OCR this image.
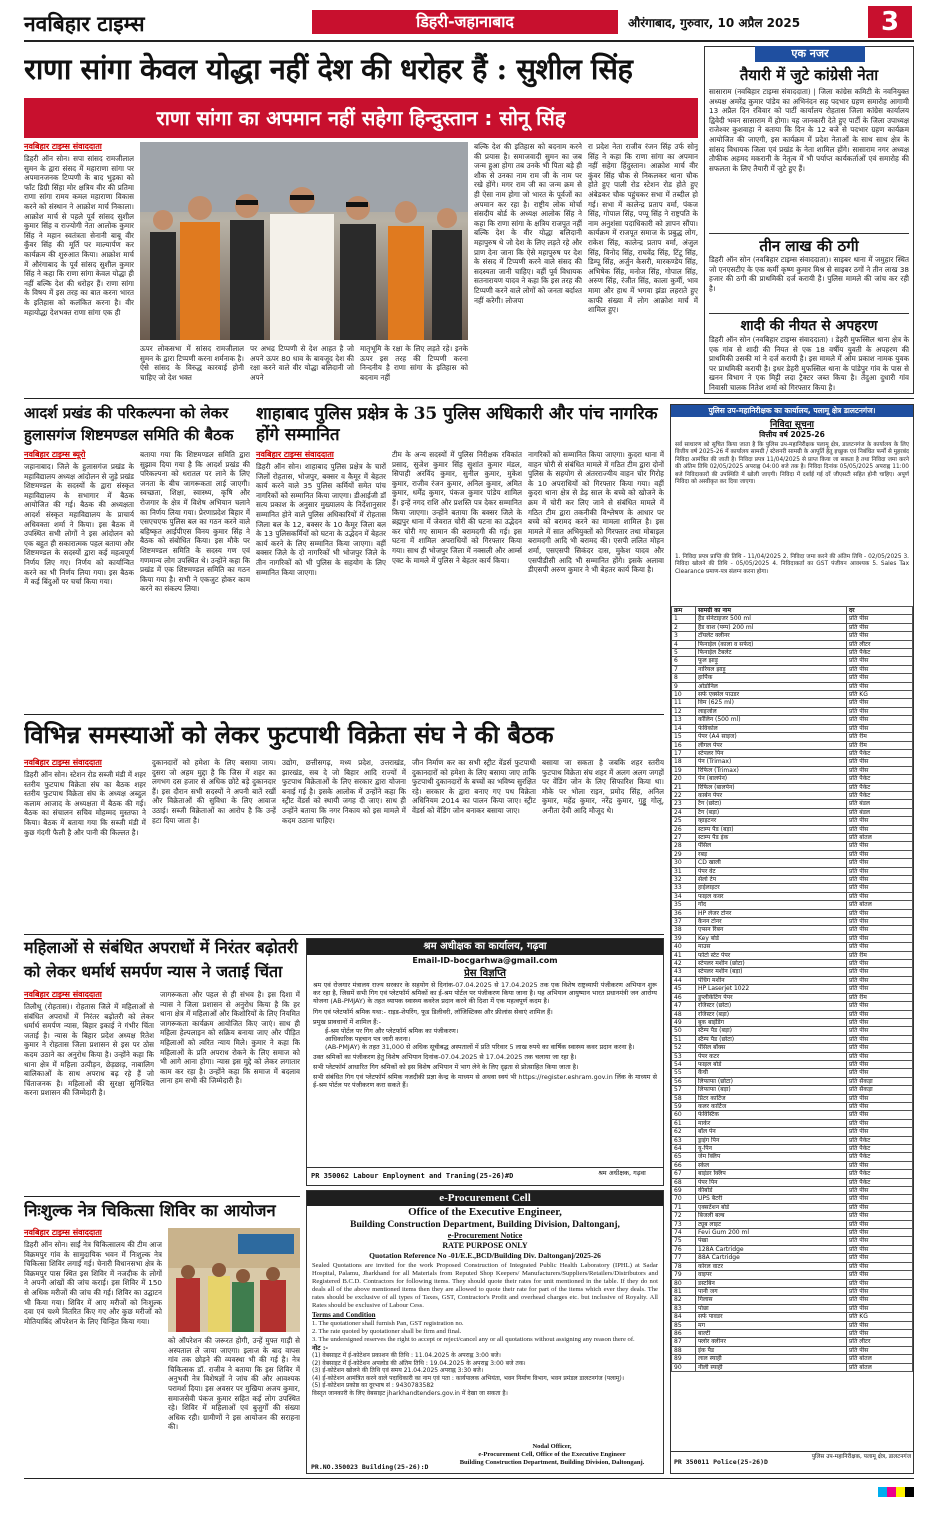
नवबिहार टाइम्स	डिहरी-जहानाबाद	औरंगाबाद, गुरुवार, 10 अप्रैल 2025	3
राणा सांगा केवल योद्धा नहीं देश की धरोहर हैं : सुशील सिंह
राणा सांगा का अपमान नहीं सहेगा हिन्दुस्तान : सोनू सिंह
नवबिहार टाइम्स संवाददाता
डिहरी ऑन सोन। सपा सांसद रामजीलाल सुमन के द्वारा संसद में महाराणा सांगा पर अपमानजनक टिप्पणी के बाद भुड़का को फाँट डिग्री सिंहा मोर क्षत्रिय वीर की प्रतिमा राणा सांगा रामय कमल महाराणा विकास करने को संस्थान ने आक्रोश मार्च निकाला। आक्रोश मार्च से पहले पूर्व सांसद सुशील कुमार सिंह व राज्योगी नेता आलोक कुमार सिंह ने महान स्वतंत्रता सेनानी बाबू वीर कुँवर सिंह की मूर्ति पर माल्यार्पण कर कार्यक्रम की शुरुआत किया। आक्रोश मार्च में औरंगाबाद के पूर्व सांसद सुशील कुमार सिंह ने कहा कि राणा सांगा केवल योद्धा ही नहीं बल्कि देश की धरोहर हैं। राणा सांगा के विषय में इस तरह का बात करना भारत के इतिहास को कलंकित करना है। वीर महायोद्धा देशभक्त राणा सांगा एक ही
ऊपर लोकसभा में सांसद रामजीलाल सुमन के द्वारा टिप्पणी करना शर्मनाक है। ऐसे सांसद के विरुद्ध कारवाई होनी चाहिए जो देश भक्त
पर अभद्र टिप्पणी से देश आहत है जो अपने ऊपर 80 धाव के बावजूद देश की रक्षा करने वाले वीर योद्धा बलिदानी जो अपने
मातृभूमि के रक्षा के लिए लड़ते रहे। इनके ऊपर इस तरह की टिप्पणी करना निन्दनीय है राणा सांगा के इतिहास को बदनाम नहीं
बल्कि देश की इतिहास को बदनाम करने की प्रयास है। समाजवादी सुमन का जब जन्म हुआ होगा तब उनके भी पिता बड़े ही शौक से उनका नाम राम जी के नाम पर रखे होंगे। मगर राम जी का जन्म क्रम से ही ऐसा नाम होगा जो भारत के पूर्वजों का अपमान कर रहा है। राष्ट्रीय लोक मोर्चा संसदीय बोर्ड के अध्यक्ष आलोक सिंह ने कहा कि राणा सांगा के क्षत्रिय राजपूत नहीं बल्कि देश के वीर योद्धा बलिदानी महापुरुष थे जो देश के लिए लड़ते रहे और प्राण देना जाना कि ऐसे महापुरुष पर देश के संसद में टिप्पणी करने वाले संसद की सदस्यता जानी चाहिए। वहीं पूर्व विधायक सतनारायण यादव ने कहा कि इस तरह की टिप्पणी करने वाले लोगों को जनता बर्दाश्त नहीं करेगी। लोजपा
रा प्रदेश नेता राजीव रंजन सिंह उर्फ सोनू सिंह ने कहा कि राणा सांगा का अपमान नहीं सहेगा हिंदुस्तान। आक्रोश मार्च वीर कुंवर सिंह चौक से निकलकर थाना चौक होते हुए पाली रोड स्टेशन रोड होते हुए अंबेडकर चौक पहुंचकर सभा में तब्दील हो गई। सभा में कालेन्द्र प्रताप वर्मा, पंकज सिंह, गोपाल सिंह, पप्पू सिंह ने राष्ट्रपति के नाम अनुशंसा पदाधिकारी को ज्ञापन सौंपा। कार्यक्रम में राजपूत समाज के प्रबुद्ध लोग, राकेश सिंह, कालेन्द्र प्रताप वर्मा, अंजुल सिंह, विनोद सिंह, राघवेंद्र सिंह, टिंटू सिंह, डिम्पू सिंह, अर्जुन केसरी, मारकण्डेय सिंह, अभिषेक सिंह, मनोज सिंह, गोपाल सिंह, अरुण सिंह, रंजीत सिंह, काला कुर्मी, भाव मामा और हाथ में भगवा झंडा लहराते हुए काफी संख्या में लोग आक्रोश मार्च में शामिल हुए।
एक नजर
तैयारी में जुटे कांग्रेसी नेता
सासाराम (नवबिहार टाइम्स संवाददाता) | जिला कांग्रेस कमिटी के नवनियुक्त अध्यक्ष अमरेंद्र कुमार पांडेय का अभिनंदन सह पदभार ग्रहण समारोह आगामी 13 अप्रैल दिन रविवार को पार्टी कार्यालय रोहतास जिला कांग्रेस कार्यालय द्विवेदी भवन सासाराम में होगा। यह जानकारी देते हुए पार्टी के जिला उपाध्यक्ष राजेश्वर कुशवाहा ने बताया कि दिन के 12 बजे से पदभार ग्रहण कार्यक्रम आयोजित की जाएगी, इस कार्यक्रम में प्रदेश नेताओं के साथ साथ क्षेत्र के सांसद विधायक जिला एवं प्रखंड के नेता शामिल होंगे। सासाराम नगर अध्यक्ष तौफीक अहमद मकरानी के नेतृत्व में भी पर्याप्त कार्यकर्ताओं एवं समारोह की सफलता के लिए तैयारी में जुटे हुए हैं।
तीन लाख की ठगी
डिहरी ऑन सोन (नवबिहार टाइम्स संवाददाता)। साइबर थाना में जमुहार स्थित जो एनएसटीए के एक कर्मी कृष्ण कुमार मिश्र से साइबर ठगों ने तीन लाख 38 हजार की ठगी की प्राथमिकी दर्ज करायी है। पुलिस मामले की जांच कर रही है।
शादी की नीयत से अपहरण
डिहरी ऑन सोन (नवबिहार टाइम्स संवाददाता) । डेहरी मुफस्सिल थाना क्षेत्र के एक गांव से शादी की नियत से एक 18 वर्षीय युवती के अपहरण की प्राथमिकी उसकी मां ने दर्ज करायी है। इस मामले में ओम प्रकाश नामक युवक पर प्राथमिकी करायी है। इधर डेहरी मुफस्सिल थाना के पांडेपुर गांव के पास से खनन विभाग ने एक मिट्टी लदा ट्रैक्टर जब्त किया है। तेंदुआ दुधारी गांव निवासी चालक नितेश शर्मा को गिरफ्तार किया है।
आदर्श प्रखंड की परिकल्पना को लेकर
हुलासगंज शिष्टमण्डल समिति की बैठक
नवबिहार टाइम्स ब्यूरो
जहानाबाद। जिले के हुलासगंज प्रखंड के महाविद्यालय अध्यक्ष आंदोलन से जुड़े प्रखंड शिष्टमण्डल के सदस्यों के द्वारा संस्कृत महाविद्यालय के सभागार में बैठक आयोजित की गई। बैठक की अध्यक्षता आदर्श संस्कृत महाविद्यालय के प्राचार्य अधिवक्ता शर्मा ने किया। इस बैठक में उपस्थित सभी लोगों ने इस आंदोलन को एक बहुत ही सकारात्मक पहल बताया और शिष्टमण्डल के सदस्यों द्वारा कई महत्वपूर्ण निर्णय लिए गए। निर्णय को कार्यान्वित करने का भी निर्णय लिया गया। इस बैठक में कई बिंदुओं पर चर्चा किया गया।
बताया गया कि शिष्टमण्डल समिति द्वारा सुझाव दिया गया है कि आदर्श प्रखंड की परिकल्पना को धरातल पर लाने के लिए जनता के बीच जागरूकता लाई जाएगी। स्वच्छता, शिक्षा, स्वास्थ्य, कृषि और रोजगार के क्षेत्र में विशेष अभियान चलाने का निर्णय लिया गया। प्रेरणाप्रदेश बिहार में एसएचएफ पुलिस बल का गठन करने वाले बहिष्कृत आईपीएस विनय कुमार सिंह ने बैठक को संबोधित किया। इस मौके पर शिष्टमण्डल समिति के सदस्य गण एवं गणमान्य लोग उपस्थित थे। उन्होंने कहा कि प्रखंड में एक शिष्टमण्डल समिति का गठन किया गया है। सभी ने एकजुट होकर काम करने का संकल्प लिया।
शाहाबाद पुलिस प्रक्षेत्र के 35 पुलिस अधिकारी और पांच नागरिक होंगे सम्मानित
नवबिहार टाइम्स संवाददाता
डिहरी ऑन सोन। शाहाबाद पुलिस प्रक्षेत्र के चारों जिलों रोहतास, भोजपुर, बक्सर व कैमूर में बेहतर कार्य करने वाले 35 पुलिस कर्मियों समेत पांच नागरिकों को सम्मानित किया जाएगा। डीआईजी डॉ सत्य प्रकाश के अनुसार मुख्यालय के निर्देशानुसार सम्मानित होने वाले पुलिस अधिकारियों में रोहतास जिला बल के 12, बक्सर के 10 कैमूर जिला बल के 13 पुलिसकर्मियों को घटना के उद्भेदन में बेहतर कार्य करने के लिए सम्मानित किया जाएगा। वहीं बक्सर जिले के दो नागरिकों भी भोजपुर जिले के तीन नागरिकों को भी पुलिस के सहयोग के लिए सम्मानित किया जाएगा।
टीम के अन्य सदस्यों में पुलिस निरीक्षक रविकांत प्रसाद, सुजेश कुमार सिंह सुशांत कुमार मंडल, सिपाही अरविंद कुमार, सुनील कुमार, मुकेश कुमार, राजीव रंजन कुमार, अनिल कुमार, अमित कुमार, धर्मेंद्र कुमार, पंकज कुमार पांडेय शामिल हैं। इन्हें नगद राशि और प्रशस्ति पत्र देकर सम्मानित किया जाएगा। उन्होंने बताया कि बक्सर जिले के ब्रह्मपुर थाना में जेवरात चोरी की घटना का उद्भेदन कर चोरी गए सामान की बरामदगी की गई। इस घटना में शामिल अपराधियों को गिरफ्तार किया गया। साथ ही भोजपुर जिला में नक्सली और आर्म्स एक्ट के मामले में पुलिस ने बेहतर कार्य किया।
नागरिकों को सम्मानित किया जाएगा। कुदरा थाना में वाहन चोरी से संबंधित मामले में गठित टीम द्वारा दोनों पुलिस के सहयोग से अंतरराज्यीय वाहन चोर गिरोह के 10 अपराधियों को गिरफ्तार किया गया। वहीं कुदरा थाना क्षेत्र से डेढ़ साल के बच्चे को खोजने के क्रम में चोरी कर लिए जाने से संबंधित मामले में गठित टीम द्वारा तकनीकी विश्लेषण के आधार पर बच्चे को बरामद करने का मामला शामिल है। इस मामले में सात अभियुक्तों को गिरफ्तार तथा मोबाइल बरामदगी आदि भी बरामद की। एसपी ललित मोहन शर्मा, एसएसपी सिकंदर दास, मुकेश यादव और एसपीडीसी आदि भी सम्मानित होंगे। इसके अलावा डीएसपी अरुण कुमार ने भी बेहतर कार्य किया है।
पुलिस उप-महानिरीक्षक का कार्यालय, पलामू क्षेत्र डालटनगंज।
निविदा सूचना
वित्तीय वर्ष 2025-26
सर्व साधारण को सूचित किया जाता है कि पुलिस उप-महानिरीक्षक पलामू क्षेत्र, डालटनगंज के कार्यालय के लिए वित्तीय वर्ष 2025-26 में कार्यालय सामग्री / स्टेशनरी सामग्री के आपूर्ति हेतु इच्छुक एवं निबंधित फर्मों से मुहरबंद निविदा आमंत्रित की जाती है। निविदा प्रपत्र 11/04/2025 से प्राप्त किया जा सकता है तथा निविदा जमा करने की अंतिम तिथि 02/05/2025 अपराह्न 04:00 बजे तक है। निविदा दिनांक 05/05/2025 अपराह्न 11:00 बजे निविदाकारों की उपस्थिति में खोली जाएगी। निविदा में दर्शाई गई दरें जीएसटी सहित होनी चाहिए। अपूर्ण निविदा को अस्वीकृत कर दिया जाएगा।
1. निविदा प्रपत्र प्राप्ति की तिथि - 11/04/2025 2. निविदा जमा करने की अंतिम तिथि - 02/05/2025 3. निविदा खोलने की तिथि - 05/05/2025 4. निविदाकर्ता का GST पंजीयन आवश्यक 5. Sales Tax Clearance प्रमाण-पत्र संलग्न करना होगा।
क्रम	सामग्री का नाम	दर
1	हैंड सेनेटाइजर 500 ml	प्रति पीस
2	हैंड वाश (पम्प) 200 ml	प्रति पीस
3	टॉयलेट क्लीनर	प्रति पीस
4	फिनाईल (काला व सफेद)	प्रति लीटर
5	फिनाईल टैबलेट	प्रति पैकेट
6	फूल झाड़ू	प्रति पीस
7	नारियल झाड़ू	प्रति पीस
8	हार्पिक	प्रति पीस
9	ओडोनिल	प्रति पीस
10	सर्फ एक्सेल पाउडर	प्रति KG
11	विम (625 ml)	प्रति पीस
12	लाइजोल	प्रति पीस
13	कॉलिन (500 ml)	प्रति पीस
14	फेविकोल	प्रति पीस
15	पेपर (A4 साइज)	प्रति रीम
16	लीगल पेपर	प्रति रीम
17	स्टेपलर पिन	प्रति पैकेट
18	पेन (Trimax)	प्रति पीस
19	रिफिल (Trimax)	प्रति पीस
20	पेन (बालपेन)	प्रति पैकेट
21	रिफिल (बालपेन)	प्रति पैकेट
22	कार्बन पेपर	प्रति पैकेट
23	टैग (छोटा)	प्रति बंडल
24	टैग (बड़ा)	प्रति बंडल
25	व्हाइटनर	प्रति पीस
26	स्टाम्प पैड (बड़ा)	प्रति पीस
27	स्टाम्प पैड इंक	प्रति बोतल
28	पेंसिल	प्रति पीस
29	रबड़	प्रति पीस
30	CD खाली	प्रति पीस
31	पेपर वेट	प्रति पीस
32	सेलो टेप	प्रति पीस
33	हाईलाइटर	प्रति पीस
34	फाइल कवर	प्रति पीस
35	गोंद	प्रति बोतल
36	HP लेजर टोनर	प्रति पीस
37	कैनन टोनर	प्रति पीस
38	एप्सन रिबन	प्रति पीस
39	Key बोर्ड	प्रति पीस
40	माउस	प्रति पीस
41	फोटो स्टेट पेपर	प्रति रीम
42	स्टेपलर मशीन (छोटा)	प्रति पीस
43	स्टेपलर मशीन (बड़ा)	प्रति पीस
44	पंचिंग मशीन	प्रति पीस
45	HP Laserjet 1022	प्रति पीस
46	डुप्लीकेटिंग पेपर	प्रति रीम
47	रजिस्टर (छोटा)	प्रति पीस
48	रजिस्टर (बड़ा)	प्रति पीस
49	बुक बाइंडिंग	प्रति पीस
50	स्टैम्प पैड (बड़ा)	प्रति पीस
51	स्टैम्प पैड (छोटा)	प्रति पीस
52	पेंसिल बॉक्स	प्रति पीस
53	पेपर कटर	प्रति पीस
54	फाइल बोर्ड	प्रति पीस
55	कैंची	प्रति पीस
56	लिफाफा (छोटा)	प्रति सैकड़ा
57	लिफाफा (बड़ा)	प्रति सैकड़ा
58	प्रिंटर कार्टिज	प्रति पीस
59	कलर कार्टिज	प्रति पीस
60	फेविस्टिक	प्रति पीस
61	मार्कर	प्रति पीस
62	बॉल पेन	प्रति पीस
63	ड्राइंग पिन	प्रति पैकेट
64	यू-पिन	प्रति पैकेट
65	जेम क्लिप	प्रति पैकेट
66	स्केल	प्रति पीस
67	बाइंडर क्लिप	प्रति पैकेट
68	पेपर पिन	प्रति पैकेट
69	कीबोर्ड	प्रति पीस
70	UPS बैटरी	प्रति पीस
71	एक्सटेंशन बोर्ड	प्रति पीस
72	बिजली बल्ब	प्रति पीस
73	ट्यूब लाइट	प्रति पीस
74	Fevi Gum 200 ml	प्रति पीस
75	पंखा	प्रति पीस
76	128A Cartridge	प्रति पीस
77	88A Cartridge	प्रति पीस
78	कोरल वाटर	प्रति पीस
79	वाइपर	प्रति पीस
80	डस्टबिन	प्रति पीस
81	पानी जग	प्रति पीस
82	गिलास	प्रति पीस
83	पोछा	प्रति पीस
84	सर्फ पावडर	प्रति KG
85	मग	प्रति पीस
86	बाल्टी	प्रति पीस
87	फ्लोर क्लीनर	प्रति लीटर
88	इंक पैड	प्रति पीस
89	लाल स्याही	प्रति बोतल
90	नीली स्याही	प्रति बोतल
PR 350011 Police(25-26)D
पुलिस उप-महानिरीक्षक, पलामू क्षेत्र, डालटनगंज
विभिन्न समस्याओं को लेकर फुटपाथी विक्रेता संघ ने की बैठक
नवबिहार टाइम्स संवाददाता
डिहरी ऑन सोन। स्टेशन रोड सब्जी मंडी में शहर स्तरीय फुटपाथ विक्रेता संघ का बैठक शहर स्तरीय फुटपाथ विक्रेता संघ के अध्यक्ष अब्दुल कलाम आजाद के अध्यक्षता में बैठक की गई। बैठक का संचालन सचिव मोहम्मद मुस्तफा ने किया। बैठक में बताया गया कि सब्जी मंडी में कुछ गंदगी फैली है और पानी की किल्लत है।
दुकानदारों को हमेशा के लिए बसाया जाय। दुसरा जो अहम मुद्दा है कि जिस में शहर का लगभग दस हजार से अधिक छोटे बड़े दुकानदार हैं। इस दौरान सभी सदस्यों ने अपनी बातें रखीं और विक्रेताओं की सुविधा के लिए आवाज उठाई। सब्जी विक्रेताओं का आरोप है कि उन्हें हटा दिया जाता है।
उद्योग, छत्तीसगढ़, मध्य प्रदेश, उत्तराखंड, झारखंड, सब दे जो बिहार आदि राज्यों में फुटपाथ विक्रेताओं के लिए सरकार द्वारा योजना बनाई गई है। इसके आलोक में उन्होंने कहा कि स्ट्रीट वेंडर्स को स्थायी जगह दी जाए। साथ ही उन्होंने बताया कि नगर निकाय को इस मामले में कदम उठाना चाहिए।
जीन निर्माण कर का सभी स्ट्रीट वेंडर्स फुटपाथी दुकानदारों को हमेशा के लिए बसाया जाए ताकि फुटपाथी दुकानदारों के बच्चों का भविष्य सुरक्षित रहे। सरकार के द्वारा बनाए गए पथ विक्रेता अधिनियम 2014 का पालन किया जाए। स्ट्रीट वेंडर्स को वेंडिंग जोन बनाकर बसाया जाए।
बसाया जा सकता है जबकि शहर स्तरीय फुटपाथ विक्रेता संघ शहर में अलग अलग जगहों पर वेंडिंग जोन के लिए सिफारिश किया था। मौके पर भोला राइन, प्रमोद सिंह, अनिल कुमार, महेंद्र कुमार, नरेंद्र कुमार, गुड्डू गोलू, अनीता देवी आदि मौजूद थे।
महिलाओं से संबंधित अपराधों में निरंतर बढ़ोतरी
को लेकर धर्मार्थ समर्पण न्यास ने जताई चिंता
नवबिहार टाइम्स संवाददाता
तिलौथू (रोहतास)। रोहतास जिले में महिलाओं से संबंधित अपराधों में निरंतर बढ़ोतरी को लेकर धर्मार्थ समर्पण न्यास, बिहार इकाई ने गंभीर चिंता जताई है। न्यास के बिहार प्रदेश अध्यक्ष रितेश कुमार ने रोहतास जिला प्रशासन से इस पर ठोस कदम उठाने का अनुरोध किया है। उन्होंने कहा कि थाना क्षेत्र में महिला उत्पीड़न, छेड़छाड़, नाबालिग बालिकाओं के साथ अपराध बढ़ रहे हैं जो चिंताजनक है। महिलाओं की सुरक्षा सुनिश्चित करना प्रशासन की जिम्मेदारी है।
जागरूकता और पहल से ही संभव है। इस दिशा में न्यास ने जिला प्रशासन से अनुरोध किया है कि हर थाना क्षेत्र में महिलाओं और किशोरियों के लिए नियमित जागरूकता कार्यक्रम आयोजित किए जाएं। साथ ही महिला हेल्पलाइन को सक्रिय बनाया जाए और पीड़ित महिलाओं को त्वरित न्याय मिले। कुमार ने कहा कि महिलाओं के प्रति अपराध रोकने के लिए समाज को भी आगे आना होगा। न्यास इस मुद्दे को लेकर लगातार काम कर रहा है। उन्होंने कहा कि समाज में बदलाव लाना हम सभी की जिम्मेदारी है।
श्रम अधीक्षक का कार्यालय, गढ़वा
Email-ID-bocgarhwa@gmail.com
प्रेस विज्ञप्ति
श्रम एवं रोजगार मंत्रालय राज्य सरकार के सहयोग से दिनांक-07.04.2025 से 17.04.2025 तक एक विशेष राष्ट्रव्यापी पंजीकरण अभियान शुरू कर रहा है, जिसमें सभी गिग एवं प्लेटफॉर्म श्रमिकों का ई-श्रम पोर्टल पर पंजीकरण किया जाना है। यह अभियान आयुष्मान भारत प्रधानमंत्री जन आरोग्य योजना (AB-PMJAY) के तहत व्यापक स्वास्थ्य कवरेज प्रदान करने की दिशा में एक महत्वपूर्ण कदम है।
गिग एवं प्लेटफॉर्म श्रमिक यथा:- राइड-शेयरिंग, फूड डिलीवरी, लॉजिस्टिक्स और फ्रीलांस सेवाएं शामिल हैं।
प्रमुख प्रावधानों में शामिल हैं:-
ई-श्रम पोर्टल पर गिग और प्लेटफॉर्म श्रमिक का पंजीकरण।
आधिकारिक पहचान पत्र जारी करना।
(AB-PMJAY) के तहत 31,000 से अधिक सूचीबद्ध अस्पतालों में प्रति परिवार 5 लाख रुपये का वार्षिक स्वास्थ्य कवर प्रदान करना है।
उक्त श्रमिकों का पंजीकरण हेतु विशेष अभियान दिनांक-07.04.2025 से 17.04.2025 तक चलाया जा रहा है।
सभी प्लेटफॉर्म आधारित गिग श्रमिकों को इस विशेष अभियान में भाग लेने के लिए दृढ़ता से प्रोत्साहित किया जाता है।
सभी संबंधित गिग एवं प्लेटफॉर्म श्रमिक नजदीकी प्रज्ञा केन्द्र के माध्यम से अथवा स्वयं भी https://register.eshram.gov.in लिंक के माध्यम से ई-श्रम पोर्टल पर पंजीकरण करा सकते हैं।
PR 350062 Labour Employment and Traning(25-26)#D	श्रम अधीक्षक, गढ़वा
e-Procurement Cell
Office of the Executive Engineer,
Building Construction Department, Building Division, Daltonganj,
e-Procurement Notice
RATE PURPOSE ONLY
Quotation Reference No -01/E.E.,BCD/Building Div. Daltonganj/2025-26
Sealed Quotations are invited for the work Proposed Construction of Integrated Public Health Laboratory (IPHL) at Sadar Hospital, Palamu, Jharkhand for all Materials from Reputed Shop Keepers/ Manufacturers/Suppliers/Retailers/Distributors and Registered B.C.D. Contractors for following items. They should quote their rates for unit mentioned in the table. If they do not deals all of the above mentioned items then they are allowed to quote their rate for part of the items which ever they deals. The rates should be exclusive of all types of Taxes, GST, Contractor's Profit and overhead charges etc. but inclusive of Royalty. All Rates should be exclusive of Labour Cess.
Terms and Condition
1. The quotationer shall furnish Pan, GST registration no.
2. The rate quoted by quotationer shall be firm and final.
3. The undersigned reserves the right to accept or reject/cancel any or all quotations without assigning any reason there of.
नोट :-
(1) वेबसाइट में ई-कोटेशन प्रकाशन की तिथि : 11.04.2025 के अपराह्न 3:00 बजे।
(2) वेबसाइट में ई-कोटेशन अपलोड की अंतिम तिथि : 19.04.2025 के अपराह्न 3:00 बजे तक।
(3) ई-कोटेशन खोलने की तिथि एवं समय 21.04.2025 अपराह्न 3:30 बजे।
(4) ई-कोटेशन आमंत्रित करने वाले पदाधिकारी का नाम एवं पता : कार्यपालक अभियंता, भवन निर्माण विभाग, भवन प्रमंडल डालटनगंज (पलामू)।
(5) ई-कोटेशन प्रकोष्ठ का दूरभाष सं : 9430783582
विस्तृत जानकारी के लिए वेबसाइट jharkhandtenders.gov.in में देखा जा सकता है।
Nodal Officer,
e-Procurement Cell, Office of the Executive Engineer
Building Construction Department, Building Division, Daltonganj.
PR.NO.350023 Building(25-26):D
निःशुल्क नेत्र चिकित्सा शिविर का आयोजन
नवबिहार टाइम्स संवाददाता
डिहरी ऑन सोन। साईं नेत्र चिकित्सालय की टीम आज विक्रमपुर गांव के सामुदायिक भवन में निःशुल्क नेत्र चिकित्सा शिविर लगाई गई। चेनारी विधानसभा क्षेत्र के विक्रमपुर पास स्थित इस शिविर में नजदीक के लोगों ने अपनी आंखों की जांच कराई। इस शिविर में 150 से अधिक मरीजों की जांच की गई। शिविर का उद्घाटन भी किया गया। शिविर में आए मरीजों को निःशुल्क दवा एवं चश्मे वितरित किए गए और कुछ मरीजों को मोतियाबिंद ऑपरेशन के लिए चिन्हित किया गया।
को ऑपरेशन की जरूरत होगी, उन्हें मुफ्त गाड़ी से अस्पताल ले जाया जाएगा। इलाज के बाद वापस गांव तक छोड़ने की व्यवस्था भी की गई है। नेत्र चिकित्सक डॉ. राजीव ने बताया कि इस शिविर में अनुभवी नेत्र विशेषज्ञों ने जांच की और आवश्यक परामर्श दिया। इस अवसर पर मुखिया अजय कुमार, समाजसेवी पंकज कुमार सहित कई लोग उपस्थित रहे। शिविर में महिलाओं एवं बुजुर्गों की संख्या अधिक रही। ग्रामीणों ने इस आयोजन की सराहना की।
